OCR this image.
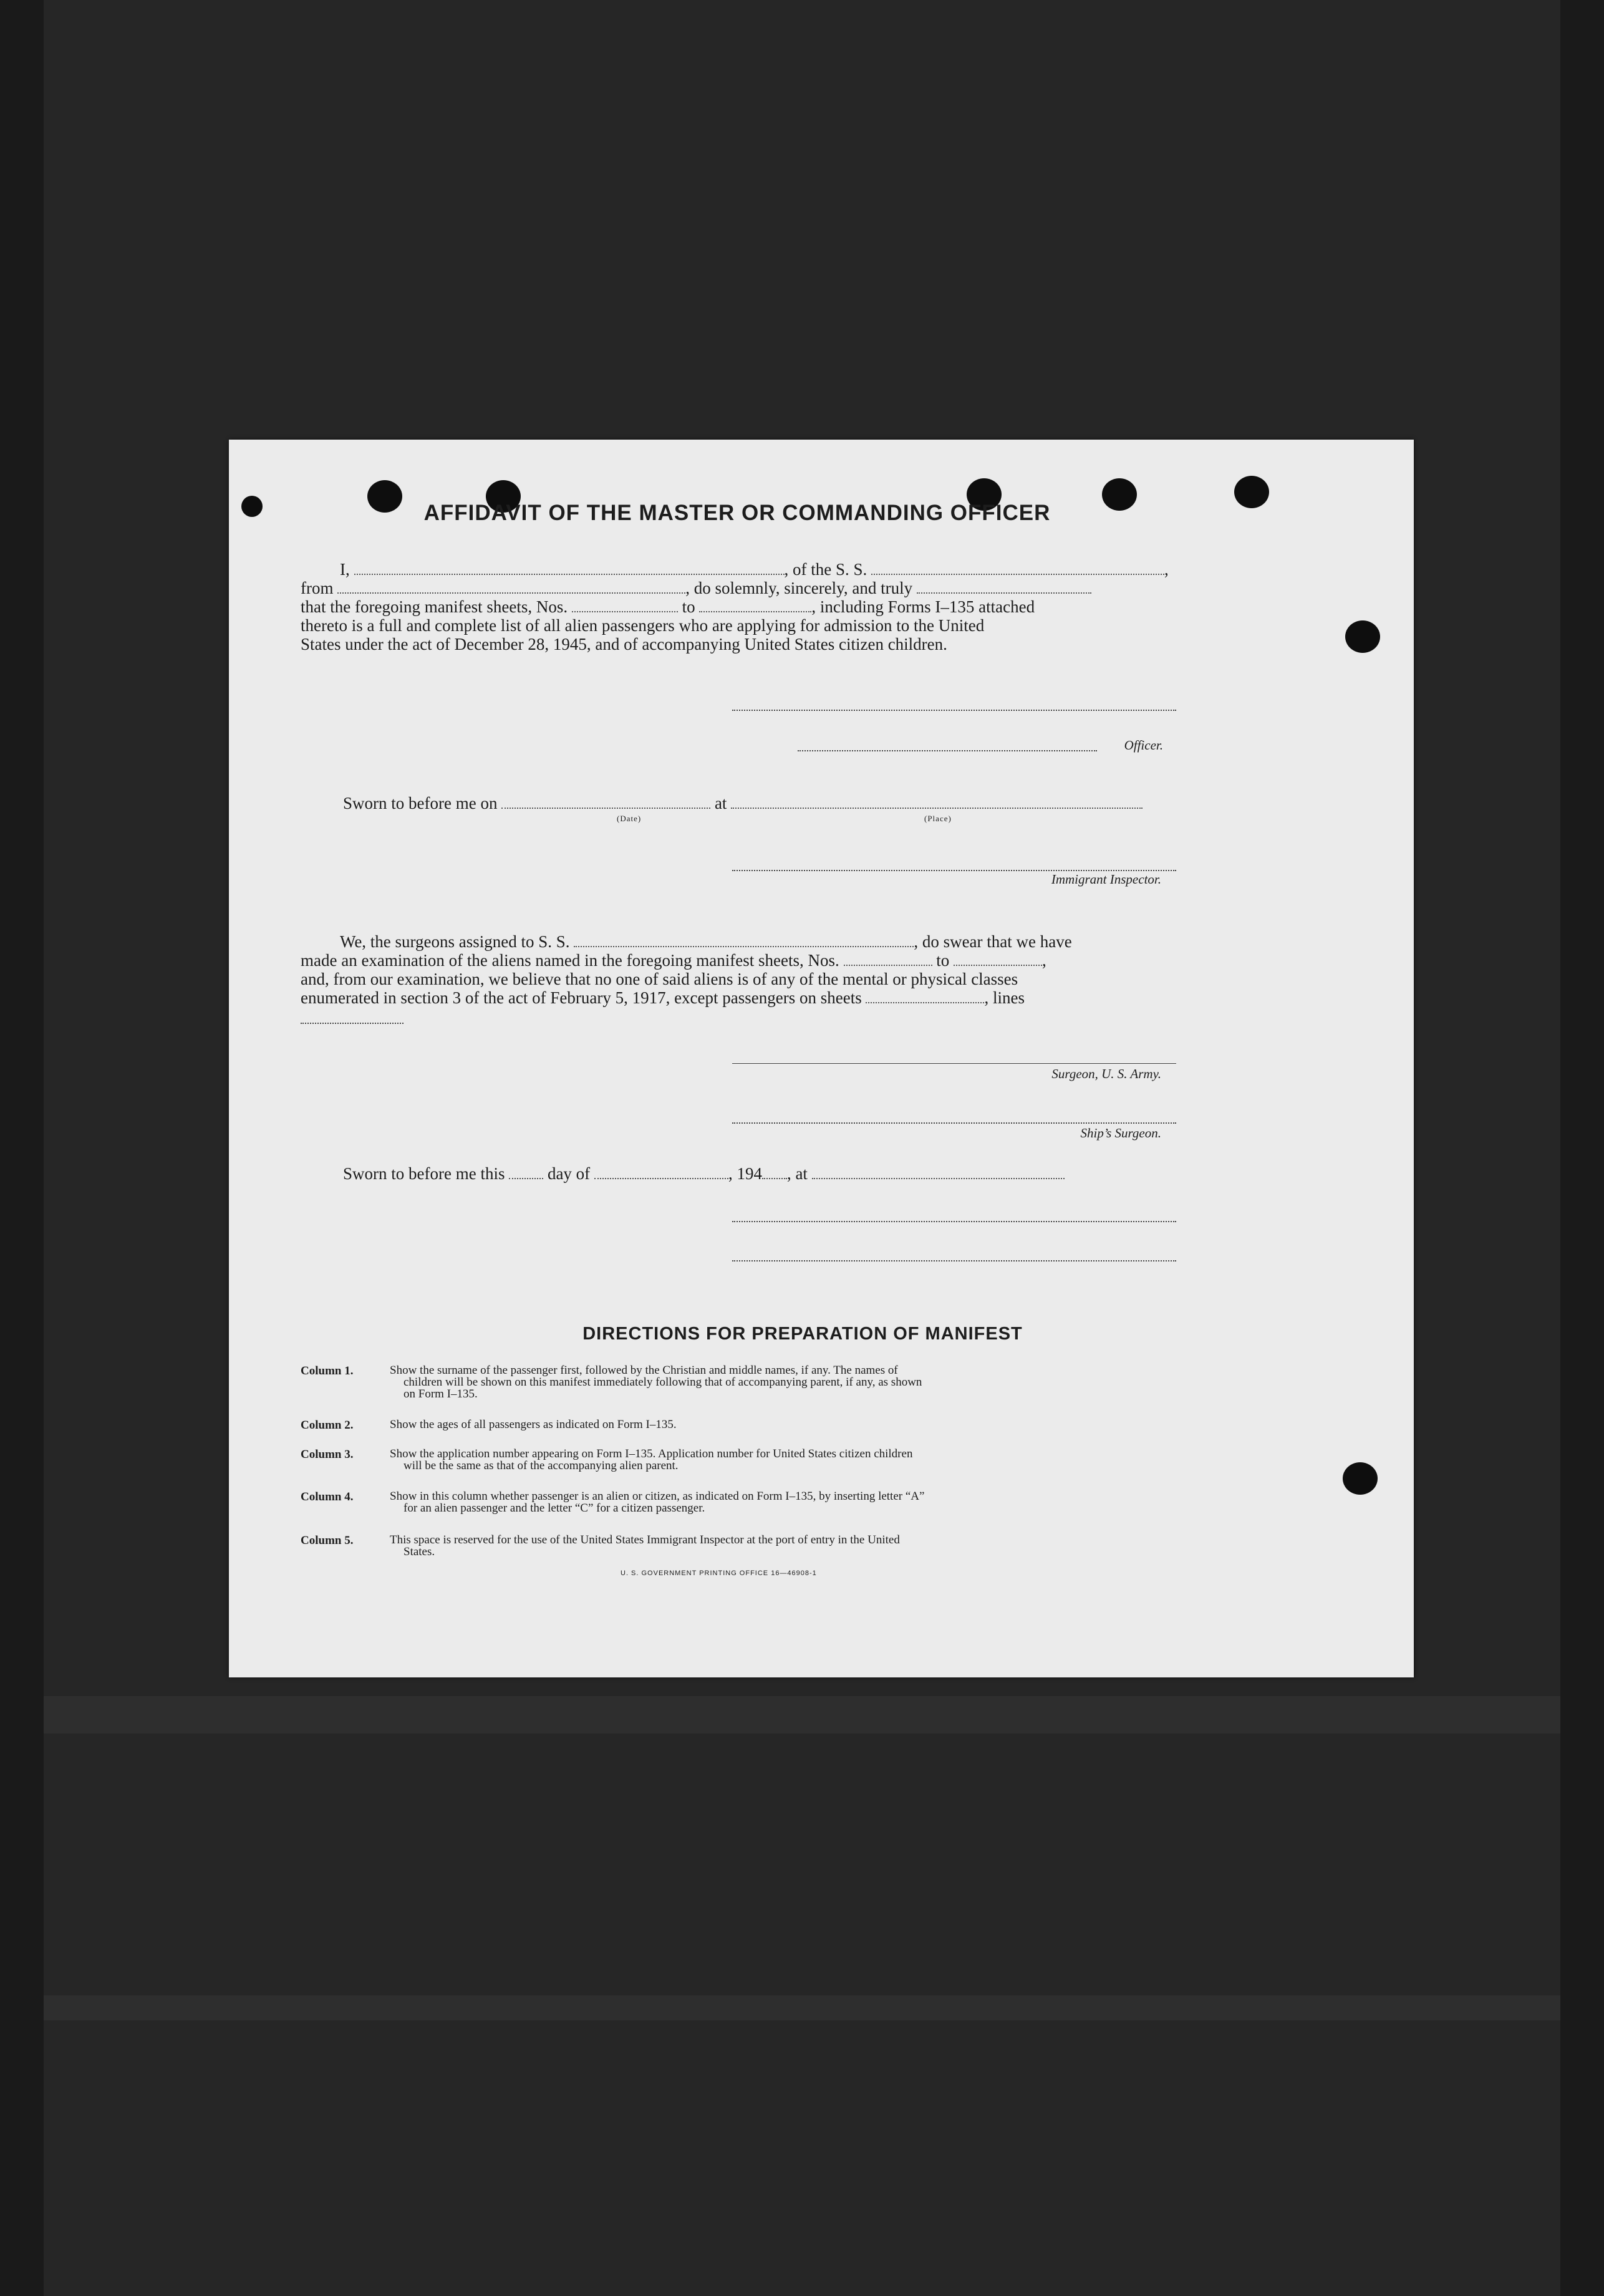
AFFIDAVIT OF THE MASTER OR COMMANDING OFFICER
I,	, of the S. S.	,
from	, do solemnly, sincerely, and truly
that the foregoing manifest sheets, Nos.	to	, including Forms I–135 attached
thereto is a full and complete list of all alien passengers who are applying for admission to the United
States under the act of December 28, 1945, and of accompanying United States citizen children.
Officer.
Sworn to before me on	at
(Date)	(Place)
Immigrant Inspector.
We, the surgeons assigned to S. S.	, do swear that we have
made an examination of the aliens named in the foregoing manifest sheets, Nos.	to	,
and, from our examination, we believe that no one of said aliens is of any of the mental or physical classes
enumerated in section 3 of the act of February 5, 1917, except passengers on sheets	, lines
Surgeon, U. S. Army.
Ship’s Surgeon.
Sworn to before me this	day of	, 194 , at
DIRECTIONS FOR PREPARATION OF MANIFEST
Column 1.	Show the surname of the passenger first, followed by the Christian and middle names, if any. The names of
children will be shown on this manifest immediately following that of accompanying parent, if any, as shown
on Form I–135.
Column 2.	Show the ages of all passengers as indicated on Form I–135.
Column 3.	Show the application number appearing on Form I–135. Application number for United States citizen children
will be the same as that of the accompanying alien parent.
Column 4.	Show in this column whether passenger is an alien or citizen, as indicated on Form I–135, by inserting letter “A”
for an alien passenger and the letter “C” for a citizen passenger.
Column 5.	This space is reserved for the use of the United States Immigrant Inspector at the port of entry in the United
States.
U. S. GOVERNMENT PRINTING OFFICE 16—46908-1
